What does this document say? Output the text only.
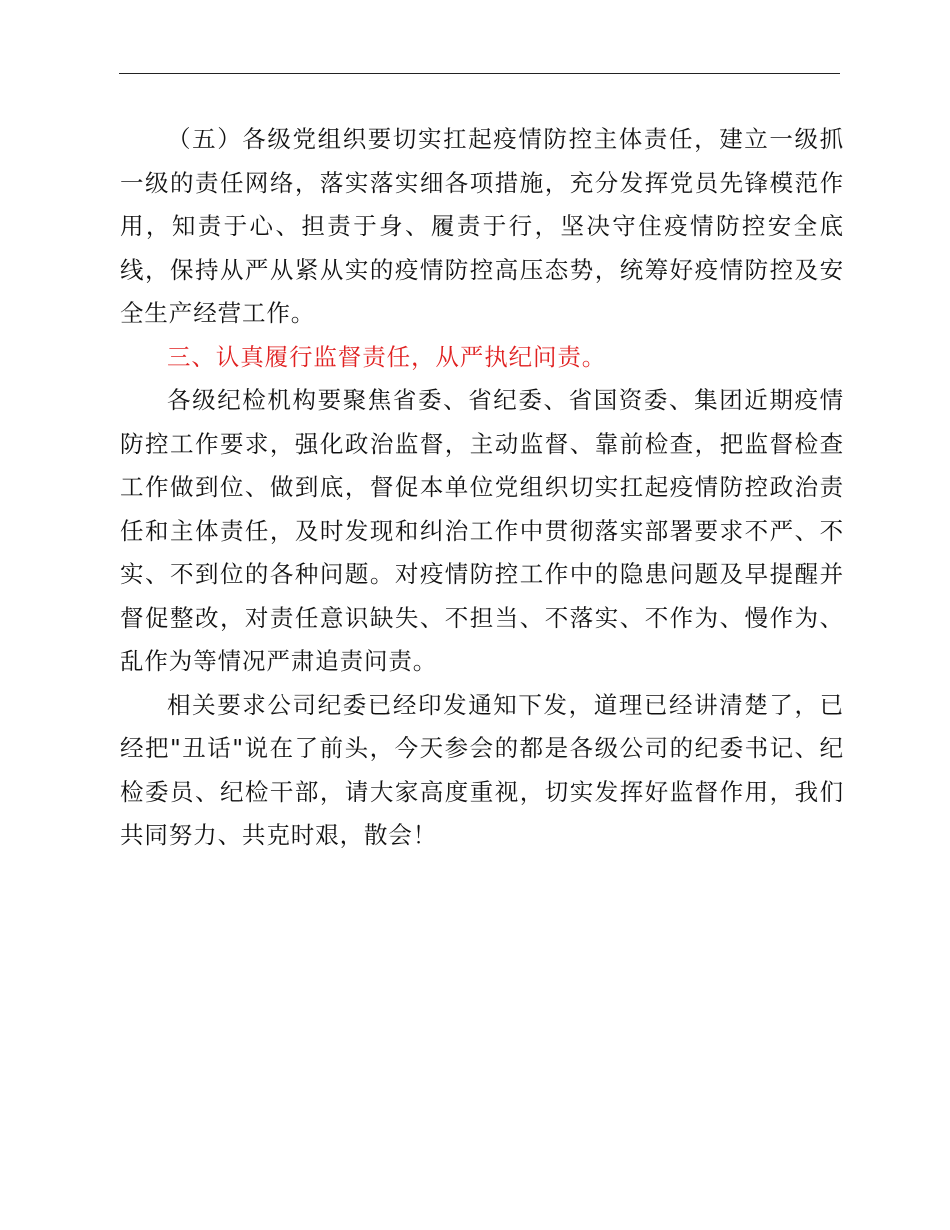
（五）各级党组织要切实扛起疫情防控主体责任，建立一级抓一级的责任网络，落实落实细各项措施，充分发挥党员先锋模范作用，知责于心、担责于身、履责于行，坚决守住疫情防控安全底线，保持从严从紧从实的疫情防控高压态势，统筹好疫情防控及安全生产经营工作。

三、认真履行监督责任，从严执纪问责。

各级纪检机构要聚焦省委、省纪委、省国资委、集团近期疫情防控工作要求，强化政治监督，主动监督、靠前检查，把监督检查工作做到位、做到底，督促本单位党组织切实扛起疫情防控政治责任和主体责任，及时发现和纠治工作中贯彻落实部署要求不严、不实、不到位的各种问题。对疫情防控工作中的隐患问题及早提醒并督促整改，对责任意识缺失、不担当、不落实、不作为、慢作为、乱作为等情况严肃追责问责。

相关要求公司纪委已经印发通知下发，道理已经讲清楚了，已经把"丑话"说在了前头，今天参会的都是各级公司的纪委书记、纪检委员、纪检干部，请大家高度重视，切实发挥好监督作用，我们共同努力、共克时艰，散会！
